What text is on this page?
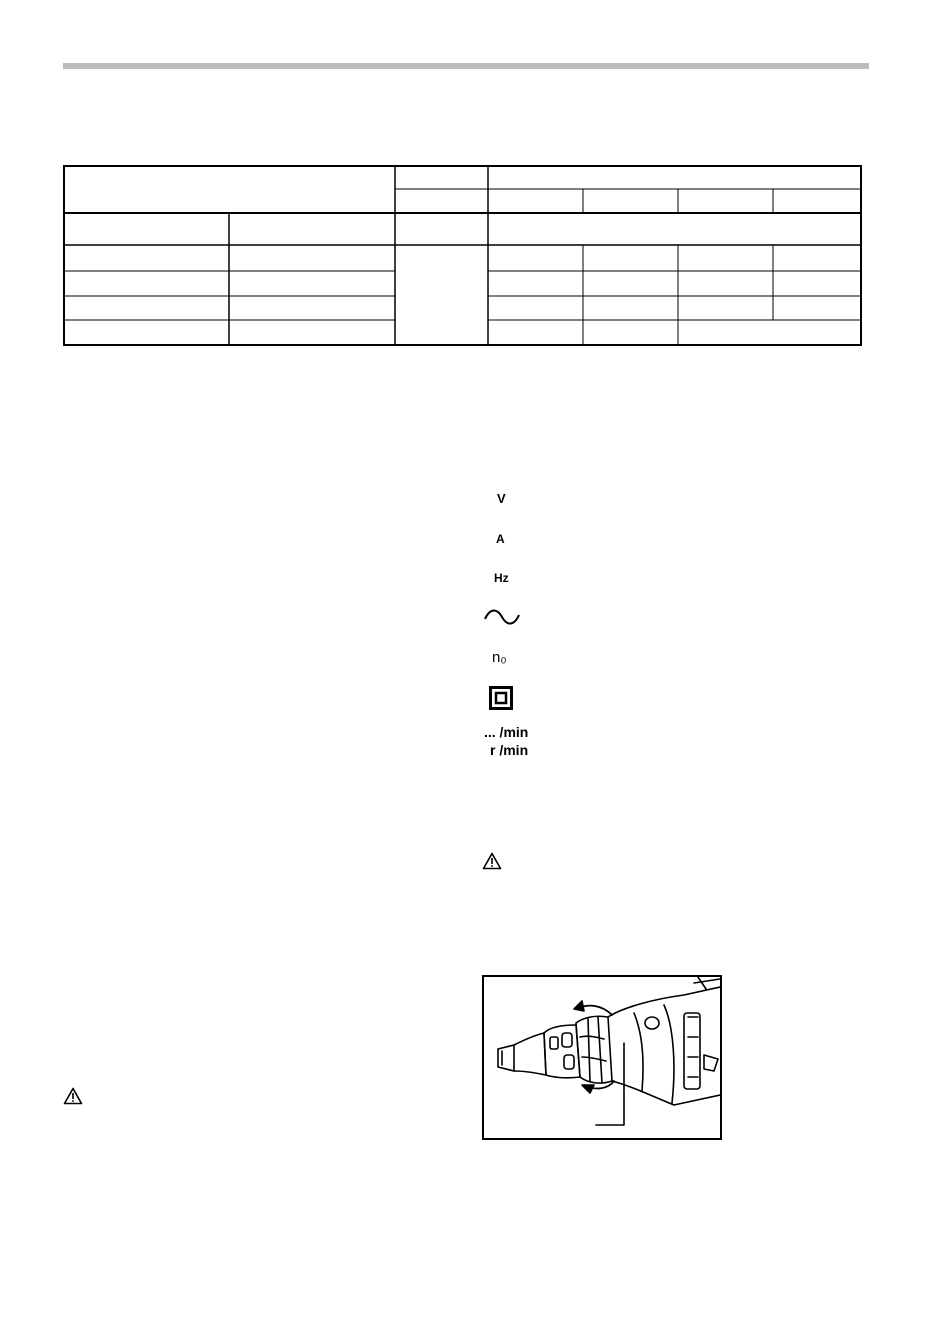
V
A
Hz
n₀
... /min
r /min
